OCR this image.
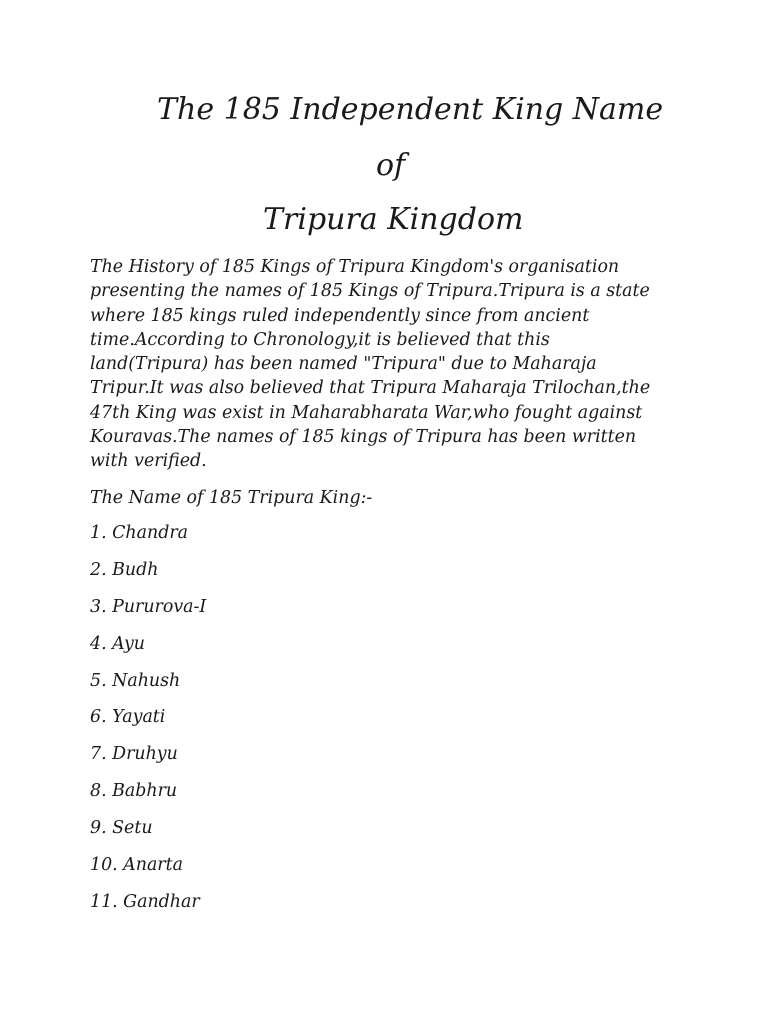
The 185 Independent King Name
of
Tripura Kingdom

The History of 185 Kings of Tripura Kingdom's organisation
presenting the names of 185 Kings of Tripura.Tripura is a state
where 185 kings ruled independently since from ancient
time.According to Chronology,it is believed that this
land(Tripura) has been named "Tripura" due to Maharaja
Tripur.It was also believed that Tripura Maharaja Trilochan,the
47th King was exist in Maharabharata War,who fought against
Kouravas.The names of 185 kings of Tripura has been written
with verified.

The Name of 185 Tripura King:-

1. Chandra
2. Budh
3. Pururova-I
4. Ayu
5. Nahush
6. Yayati
7. Druhyu
8. Babhru
9. Setu
10. Anarta
11. Gandhar
